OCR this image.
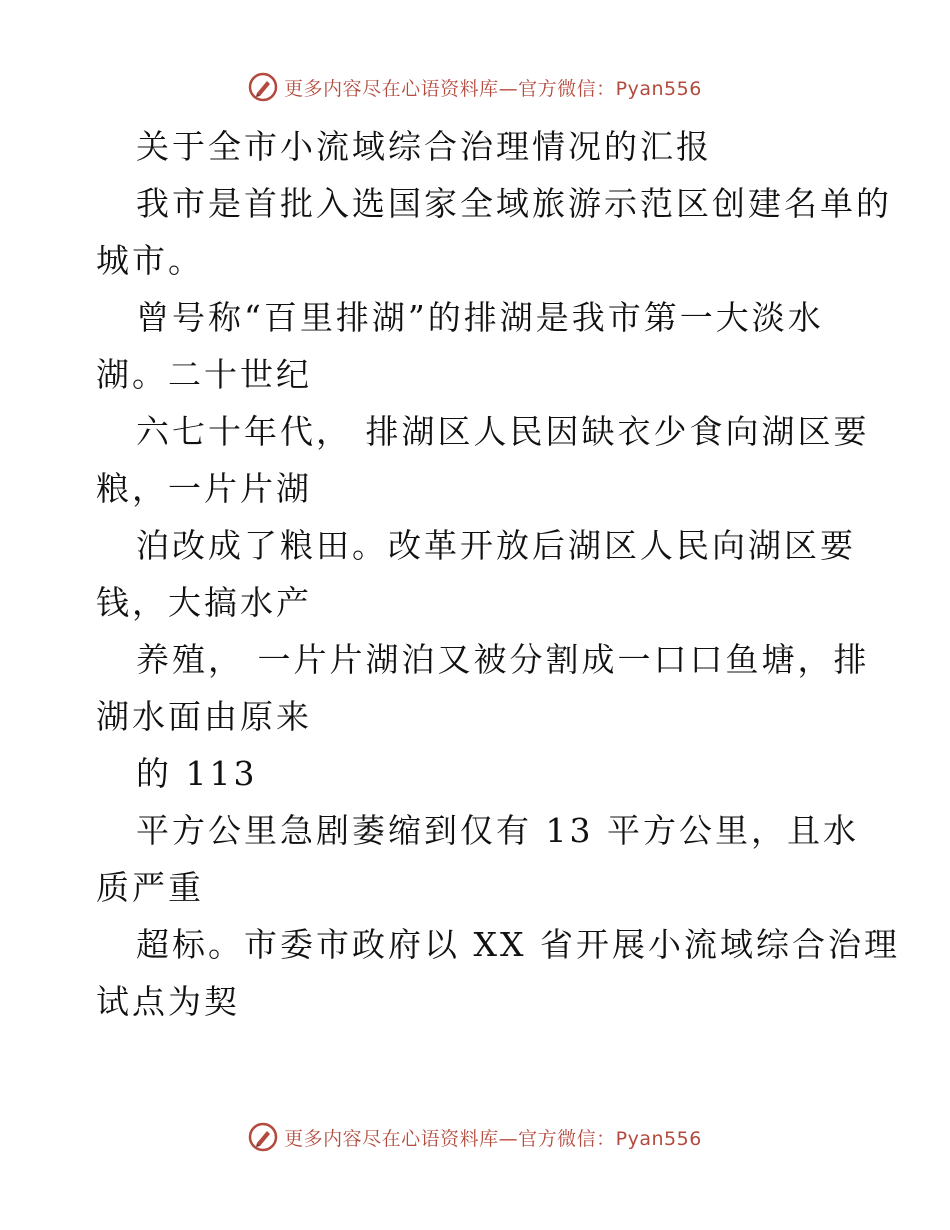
更多内容尽在心语资料库—官方微信：Pyan556
关于全市小流域综合治理情况的汇报
我市是首批入选国家全域旅游示范区创建名单的
城市。
曾号称“百里排湖”的排湖是我市第一大淡水
湖。二十世纪
六七十年代， 排湖区人民因缺衣少食向湖区要
粮，一片片湖
泊改成了粮田。改革开放后湖区人民向湖区要
钱，大搞水产
养殖， 一片片湖泊又被分割成一口口鱼塘，排
湖水面由原来
的 113
平方公里急剧萎缩到仅有 13 平方公里，且水
质严重
超标。市委市政府以 XX 省开展小流域综合治理
试点为契
更多内容尽在心语资料库—官方微信：Pyan556
